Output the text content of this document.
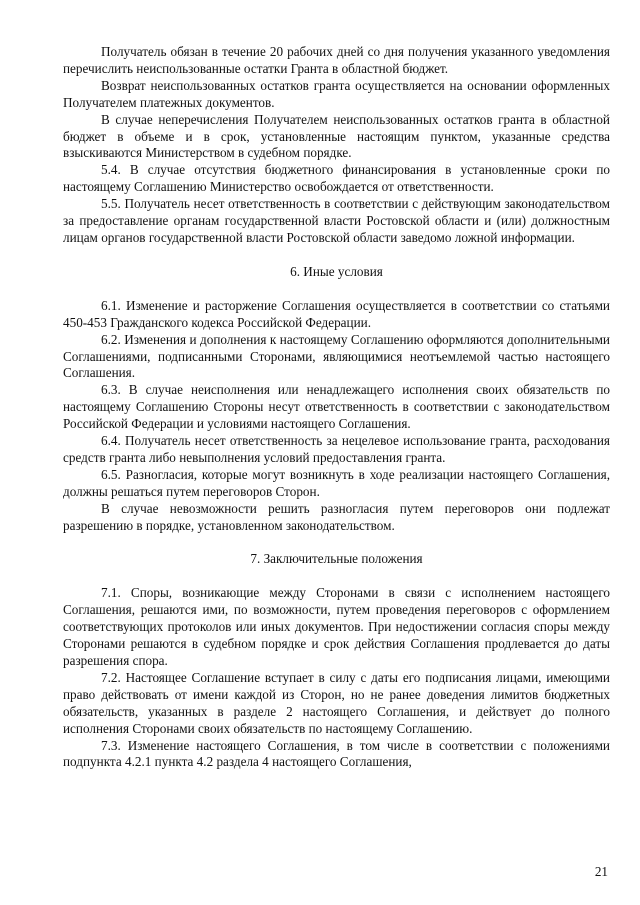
Получатель обязан в течение 20 рабочих дней со дня получения указанного уведомления перечислить неиспользованные остатки Гранта в областной бюджет.

Возврат неиспользованных остатков гранта осуществляется на основании оформленных Получателем платежных документов.

В случае неперечисления Получателем неиспользованных остатков гранта в областной бюджет в объеме и в срок, установленные настоящим пунктом, указанные средства взыскиваются Министерством в судебном порядке.

5.4. В случае отсутствия бюджетного финансирования в установленные сроки по настоящему Соглашению Министерство освобождается от ответственности.

5.5. Получатель несет ответственность в соответствии с действующим законодательством за предоставление органам государственной власти Ростовской области и (или) должностным лицам органов государственной власти Ростовской области заведомо ложной информации.

6. Иные условия

6.1. Изменение и расторжение Соглашения осуществляется в соответствии со статьями 450-453 Гражданского кодекса Российской Федерации.

6.2. Изменения и дополнения к настоящему Соглашению оформляются дополнительными Соглашениями, подписанными Сторонами, являющимися неотъемлемой частью настоящего Соглашения.

6.3. В случае неисполнения или ненадлежащего исполнения своих обязательств по настоящему Соглашению Стороны несут ответственность в соответствии с законодательством Российской Федерации и условиями настоящего Соглашения.

6.4. Получатель несет ответственность за нецелевое использование гранта, расходования средств гранта либо невыполнения условий предоставления гранта.

6.5. Разногласия, которые могут возникнуть в ходе реализации настоящего Соглашения, должны решаться путем переговоров Сторон.

В случае невозможности решить разногласия путем переговоров они подлежат разрешению в порядке, установленном законодательством.

7. Заключительные положения

7.1. Споры, возникающие между Сторонами в связи с исполнением настоящего Соглашения, решаются ими, по возможности, путем проведения переговоров с оформлением соответствующих протоколов или иных документов. При недостижении согласия споры между Сторонами решаются в судебном порядке и срок действия Соглашения продлевается до даты разрешения спора.

7.2. Настоящее Соглашение вступает в силу с даты его подписания лицами, имеющими право действовать от имени каждой из Сторон, но не ранее доведения лимитов бюджетных обязательств, указанных в разделе 2 настоящего Соглашения, и действует до полного исполнения Сторонами своих обязательств по настоящему Соглашению.

7.3. Изменение настоящего Соглашения, в том числе в соответствии с положениями подпункта 4.2.1 пункта 4.2 раздела 4 настоящего Соглашения,

21
